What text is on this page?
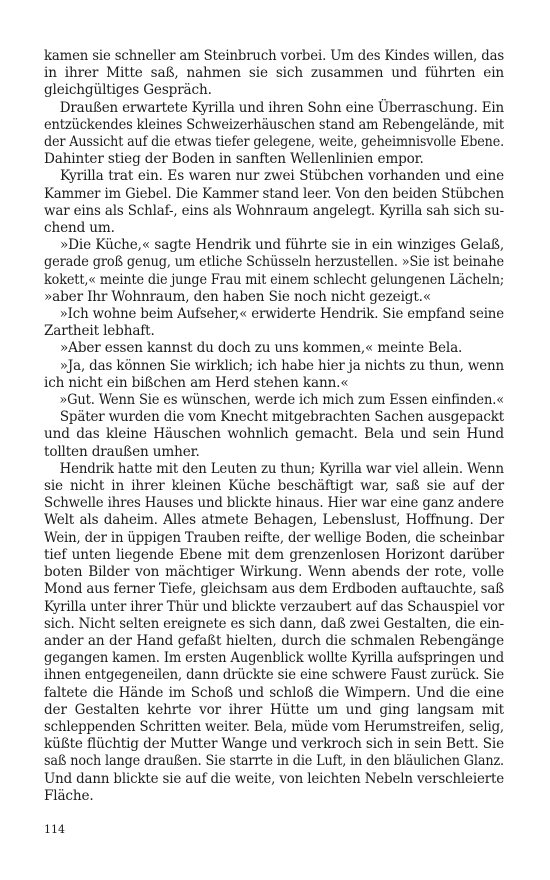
kamen sie schneller am Steinbruch vorbei. Um des Kindes willen, das
in ihrer Mitte saß, nahmen sie sich zusammen und führten ein
gleichgültiges Gespräch.
Draußen erwartete Kyrilla und ihren Sohn eine Überraschung. Ein
entzückendes kleines Schweizerhäuschen stand am Rebengelände, mit
der Aussicht auf die etwas tiefer gelegene, weite, geheimnisvolle Ebene.
Dahinter stieg der Boden in sanften Wellenlinien empor.
Kyrilla trat ein. Es waren nur zwei Stübchen vorhanden und eine
Kammer im Giebel. Die Kammer stand leer. Von den beiden Stübchen
war eins als Schlaf-, eins als Wohnraum angelegt. Kyrilla sah sich su-
chend um.
»Die Küche,« sagte Hendrik und führte sie in ein winziges Gelaß,
gerade groß genug, um etliche Schüsseln herzustellen. »Sie ist beinahe
kokett,« meinte die junge Frau mit einem schlecht gelungenen Lächeln;
»aber Ihr Wohnraum, den haben Sie noch nicht gezeigt.«
»Ich wohne beim Aufseher,« erwiderte Hendrik. Sie empfand seine
Zartheit lebhaft.
»Aber essen kannst du doch zu uns kommen,« meinte Bela.
»Ja, das können Sie wirklich; ich habe hier ja nichts zu thun, wenn
ich nicht ein bißchen am Herd stehen kann.«
»Gut. Wenn Sie es wünschen, werde ich mich zum Essen einfinden.«
Später wurden die vom Knecht mitgebrachten Sachen ausgepackt
und das kleine Häuschen wohnlich gemacht. Bela und sein Hund
tollten draußen umher.
Hendrik hatte mit den Leuten zu thun; Kyrilla war viel allein. Wenn
sie nicht in ihrer kleinen Küche beschäftigt war, saß sie auf der
Schwelle ihres Hauses und blickte hinaus. Hier war eine ganz andere
Welt als daheim. Alles atmete Behagen, Lebenslust, Hoffnung. Der
Wein, der in üppigen Trauben reifte, der wellige Boden, die scheinbar
tief unten liegende Ebene mit dem grenzenlosen Horizont darüber
boten Bilder von mächtiger Wirkung. Wenn abends der rote, volle
Mond aus ferner Tiefe, gleichsam aus dem Erdboden auftauchte, saß
Kyrilla unter ihrer Thür und blickte verzaubert auf das Schauspiel vor
sich. Nicht selten ereignete es sich dann, daß zwei Gestalten, die ein-
ander an der Hand gefaßt hielten, durch die schmalen Rebengänge
gegangen kamen. Im ersten Augenblick wollte Kyrilla aufspringen und
ihnen entgegeneilen, dann drückte sie eine schwere Faust zurück. Sie
faltete die Hände im Schoß und schloß die Wimpern. Und die eine
der Gestalten kehrte vor ihrer Hütte um und ging langsam mit
schleppenden Schritten weiter. Bela, müde vom Herumstreifen, selig,
küßte flüchtig der Mutter Wange und verkroch sich in sein Bett. Sie
saß noch lange draußen. Sie starrte in die Luft, in den bläulichen Glanz.
Und dann blickte sie auf die weite, von leichten Nebeln verschleierte
Fläche.
114
